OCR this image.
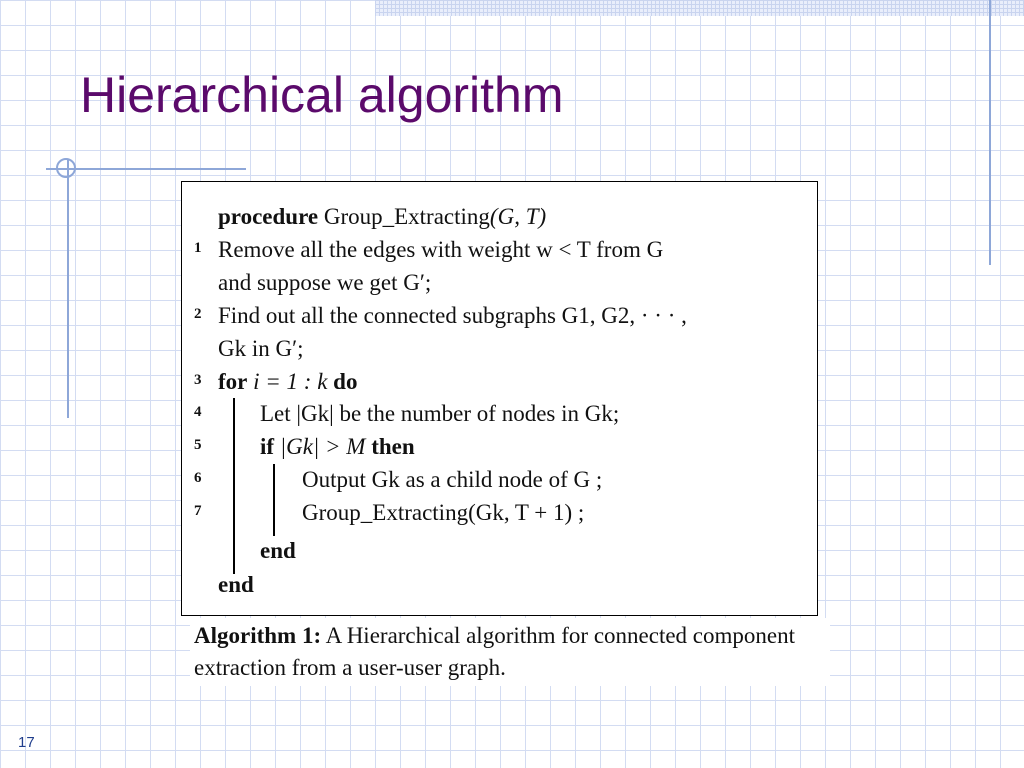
Hierarchical algorithm
procedure Group_Extracting(G, T)
1 Remove all the edges with weight w < T from G
and suppose we get G′;
2 Find out all the connected subgraphs G1, G2, · · · ,
Gk in G′;
3 for i = 1 : k do
4	Let |Gk| be the number of nodes in Gk;
5	if |Gk| > M then
6	Output Gk as a child node of G ;
7	Group_Extracting(Gk, T + 1) ;
end
end

Algorithm 1: A Hierarchical algorithm for connected component extraction from a user-user graph.

17
